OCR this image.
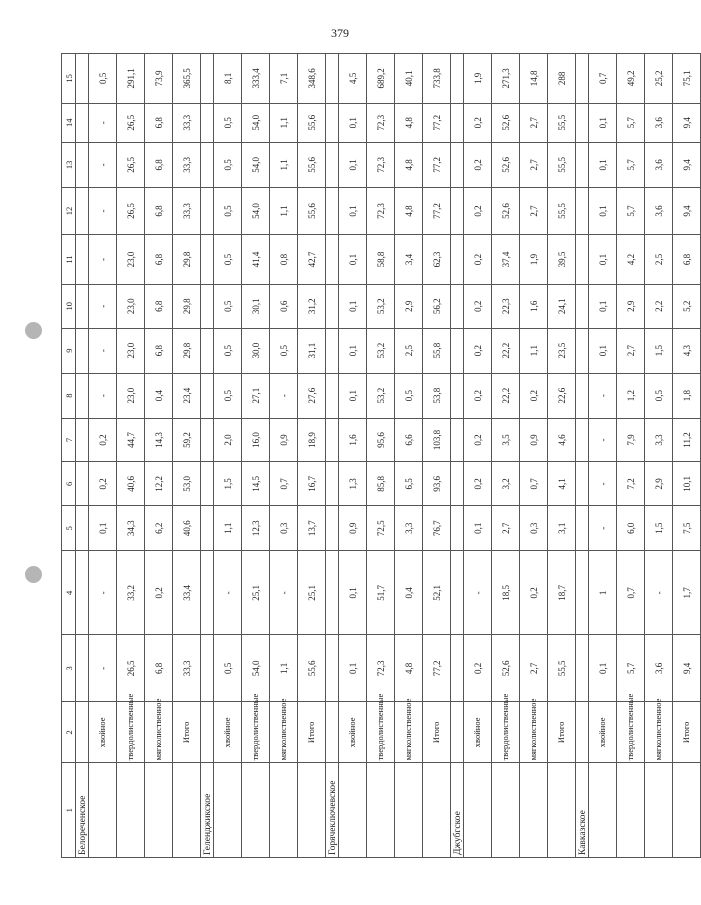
379
1	2	3	4	5	6	7	8	9	10	11	12	13	14	15
Белореченское														
	хвойное	-	-	0,1	0,2	0,2	-	-	-	-	-	-	-	0,5
	твердолиственные	26,5	33,2	34,3	40,6	44,7	23,0	23,0	23,0	23,0	26,5	26,5	26,5	291,1
	мягколиственное	6,8	0,2	6,2	12,2	14,3	0,4	6,8	6,8	6,8	6,8	6,8	6,8	73,9
	Итого	33,3	33,4	40,6	53,0	59,2	23,4	29,8	29,8	29,8	33,3	33,3	33,3	365,5
Геленджикское														
	хвойное	0,5	-	1,1	1,5	2,0	0,5	0,5	0,5	0,5	0,5	0,5	0,5	8,1
	твердолиственные	54,0	25,1	12,3	14,5	16,0	27,1	30,0	30,1	41,4	54,0	54,0	54,0	333,4
	мягколиственное	1,1	-	0,3	0,7	0,9	-	0,5	0,6	0,8	1,1	1,1	1,1	7,1
	Итого	55,6	25,1	13,7	16,7	18,9	27,6	31,1	31,2	42,7	55,6	55,6	55,6	348,6
Горячеключевское														
	хвойное	0,1	0,1	0,9	1,3	1,6	0,1	0,1	0,1	0,1	0,1	0,1	0,1	4,5
	твердолиственные	72,3	51,7	72,5	85,8	95,6	53,2	53,2	53,2	58,8	72,3	72,3	72,3	689,2
	мягколиственное	4,8	0,4	3,3	6,5	6,6	0,5	2,5	2,9	3,4	4,8	4,8	4,8	40,1
	Итого	77,2	52,1	76,7	93,6	103,8	53,8	55,8	56,2	62,3	77,2	77,2	77,2	733,8
Джубгское														
	хвойное	0,2	-	0,1	0,2	0,2	0,2	0,2	0,2	0,2	0,2	0,2	0,2	1,9
	твердолиственные	52,6	18,5	2,7	3,2	3,5	22,2	22,2	22,3	37,4	52,6	52,6	52,6	271,3
	мягколиственное	2,7	0,2	0,3	0,7	0,9	0,2	1,1	1,6	1,9	2,7	2,7	2,7	14,8
	Итого	55,5	18,7	3,1	4,1	4,6	22,6	23,5	24,1	39,5	55,5	55,5	55,5	288
Кавказское														
	хвойное	0,1	1	-	-	-	-	0,1	0,1	0,1	0,1	0,1	0,1	0,7
	твердолиственные	5,7	0,7	6,0	7,2	7,9	1,2	2,7	2,9	4,2	5,7	5,7	5,7	49,2
	мягколиственное	3,6	-	1,5	2,9	3,3	0,5	1,5	2,2	2,5	3,6	3,6	3,6	25,2
	Итого	9,4	1,7	7,5	10,1	11,2	1,8	4,3	5,2	6,8	9,4	9,4	9,4	75,1
